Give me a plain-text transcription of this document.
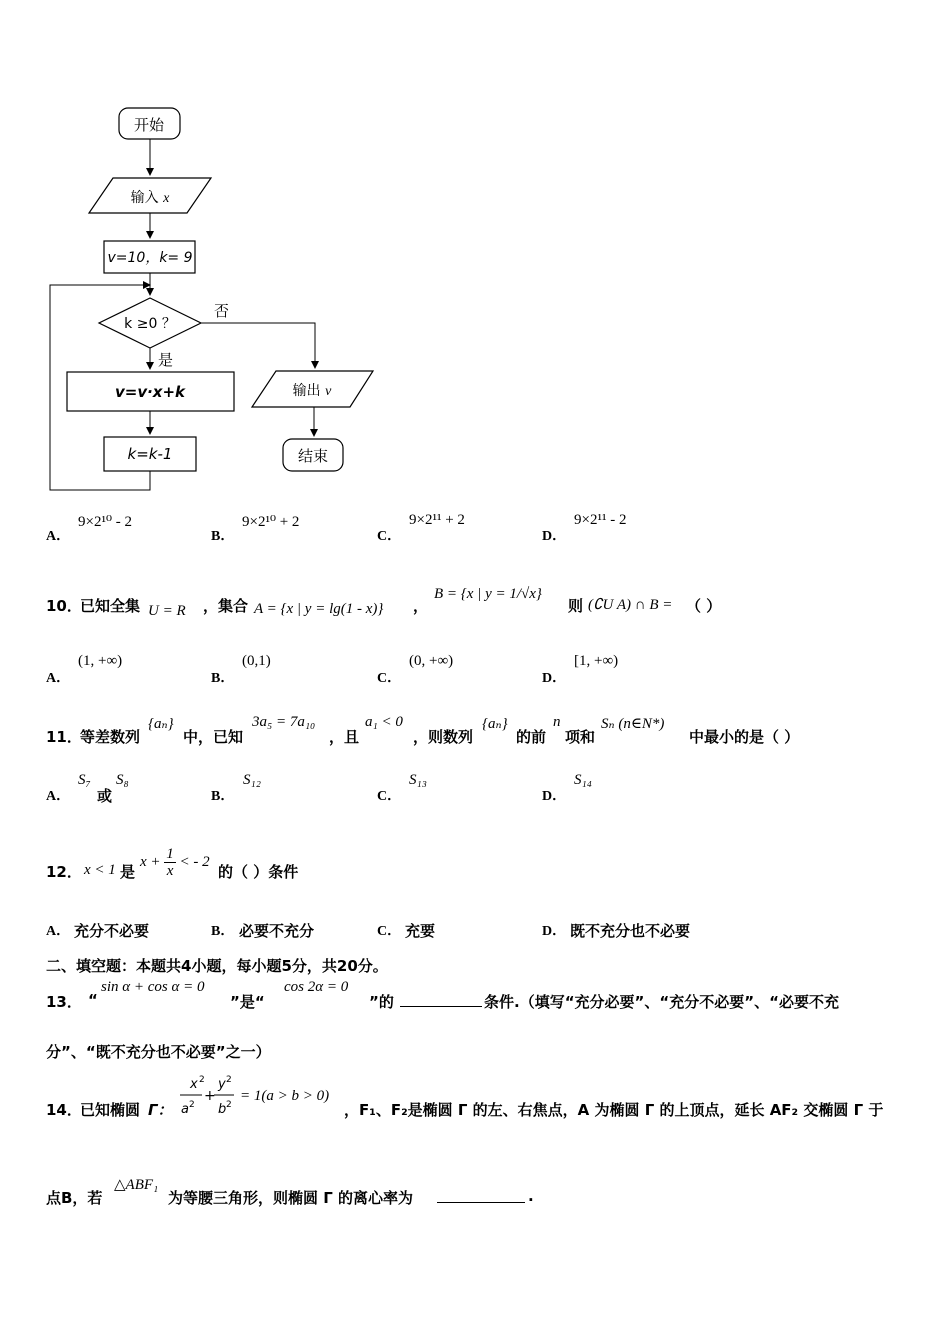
开始
输入 x
v=10，k= 9
k ≥0 ？
否
是
v=v·x+k
k=k-1
输出 v
结束
A．
9×2¹⁰ - 2
B．
9×2¹⁰ + 2
C．
9×2¹¹ + 2
D．
9×2¹¹ - 2
10．
已知全集 U = R ，集合 A = {x | y = lg(1 - x)} ，
B = {x | y = 1/√x}
则 (∁U A) ∩ B = （ ）
A．
(1, +∞)
B．
(0,1)
C．
(0, +∞)
D．
[1, +∞)
11．
等差数列
{aₙ}
中，已知
3a₅ = 7a₁₀
，且
a₁ < 0
，则数列
{aₙ}
的前
n
项和
Sₙ (n∈N*)
中最小的是（ ）
A．
S₇
或
S₈
B．
S₁₂
C．
S₁₃
D．
S₁₄
12． x < 1 是
$x + \frac{1}{x}$ < - 2
的（ ）条件
A． 充分不必要	B． 必要不充分	C． 充要	D． 既不充分也不必要
二、填空题：本题共4小题，每小题5分，共20分。
13． “
sin α + cos α = 0
”是“
cos 2α = 0
”的	条件.（填写“充分必要”、“充分不必要”、“必要不充
分”、“既不充分也不必要”之一）
14．
已知椭圆 Γ：
x 2
a 2
+
y 2
b 2
= 1(a > b > 0)
，F₁、F₂是椭圆 Γ 的左、右焦点，A 为椭圆 Γ 的上顶点，延长 AF₂ 交椭圆 Γ 于
点B，若
△ABF₁
为等腰三角形，则椭圆 Γ 的离心率为	.
